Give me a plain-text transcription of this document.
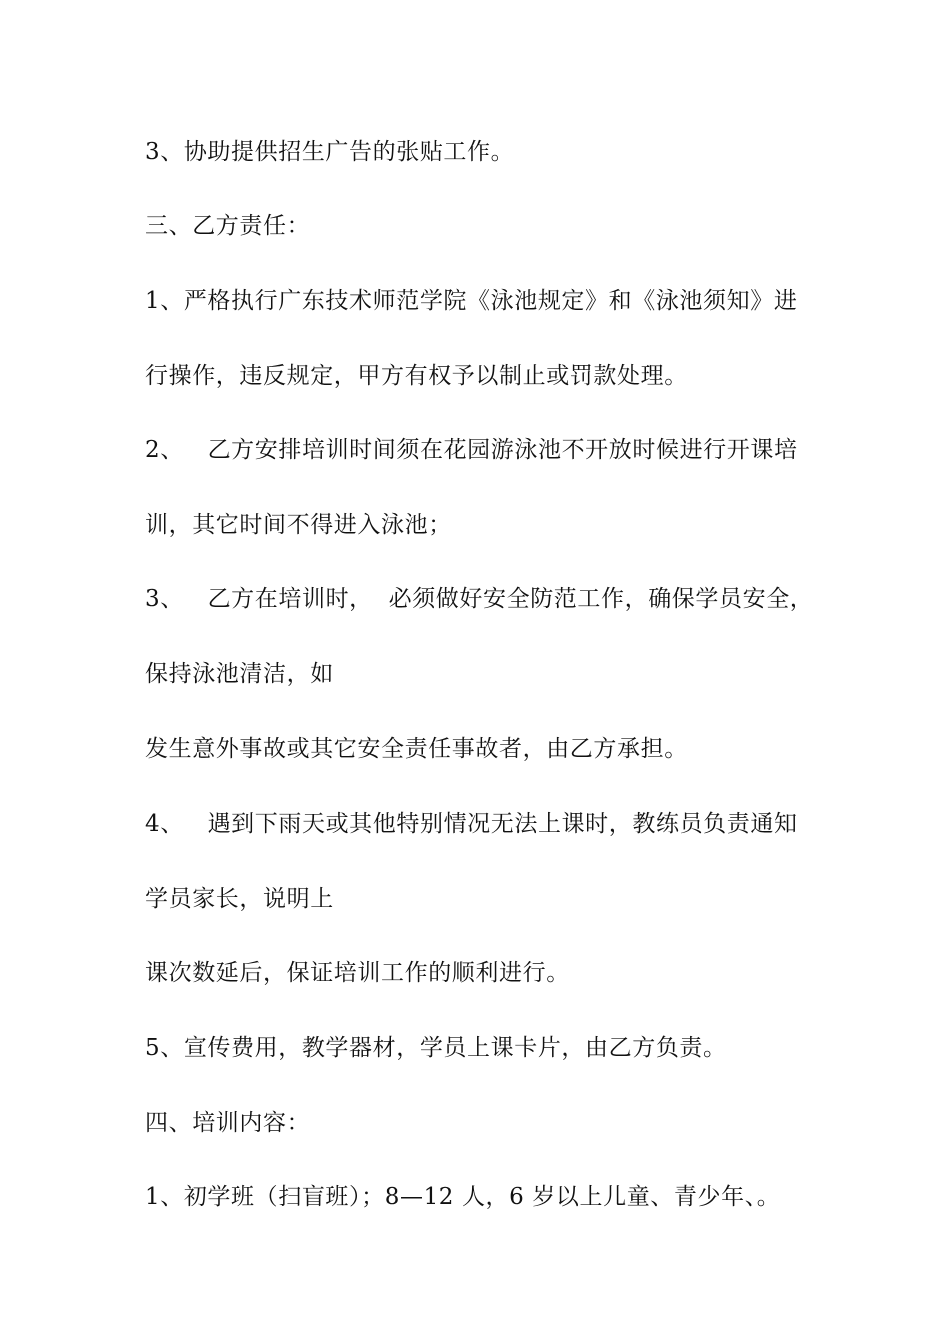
3、协助提供招生广告的张贴工作。
三、乙方责任：
1、严格执行广东技术师范学院《泳池规定》和《泳池须知》进
行操作，违反规定，甲方有权予以制止或罚款处理。
2、   乙方安排培训时间须在花园游泳池不开放时候进行开课培
训，其它时间不得进入泳池；
3、   乙方在培训时，  必须做好安全防范工作，确保学员安全，
保持泳池清洁，如
发生意外事故或其它安全责任事故者，由乙方承担。
4、   遇到下雨天或其他特别情况无法上课时，教练员负责通知
学员家长，说明上
课次数延后，保证培训工作的顺利进行。
5、宣传费用，教学器材，学员上课卡片，由乙方负责。
四、培训内容：
1、初学班（扫盲班）；8—12 人，6 岁以上儿童、青少年、。
